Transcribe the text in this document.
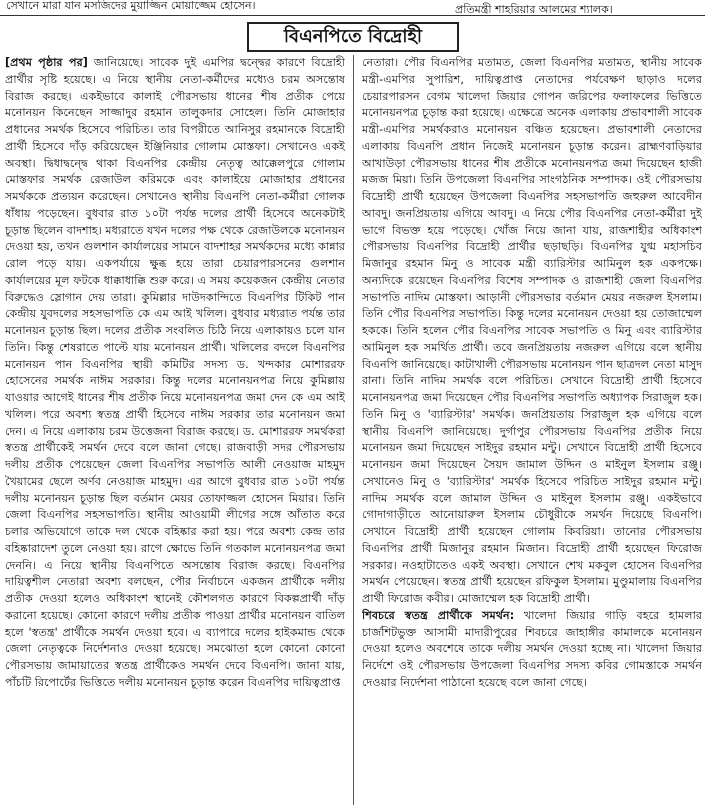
সেখানে মারা যান মসজিদের মুয়াজ্জিন মোয়াজ্জেম হোসেন।	প্রতিমন্ত্রী শাহরিয়ার আলমের শ্যালক।
বিএনপিতে বিদ্রোহী

[প্রথম পৃষ্ঠার পর] জানিয়েছে। সাবেক দুই এমপির দ্বন্দ্বের কারণে বিদ্রোহী প্রার্থীর সৃষ্টি হয়েছে। এ নিয়ে স্থানীয় নেতা-কর্মীদের মধ্যেও চরম অসন্তোষ বিরাজ করছে। একইভাবে কালাই পৌরসভায় ধানের শীষ প্রতীক পেয়ে মনোনয়ন কিনেছেন সাজ্জাদুর রহমান তালুকদার সোহেল। তিনি মোজাহার প্রধানের সমর্থক হিসেবে পরিচিত। তার বিপরীতে আনিসুর রহমানকে বিদ্রোহী প্রার্থী হিসেবে দাঁড় করিয়েছেন ইঞ্জিনিয়ার গোলাম মোস্তফা। সেখানেও একই অবস্থা। দ্বিধাদ্বন্দ্বে থাকা বিএনপির কেন্দ্রীয় নেতৃত্ব আক্কেলপুরে গোলাম মোস্তফার সমর্থক রেজাউল করিমকে এবং কালাইয়ে মোজাহার প্রধানের সমর্থককে প্রত্যয়ন করেছেন। সেখানেও স্থানীয় বিএনপি নেতা-কর্মীরা গোলক ধাঁধায় পড়েছেন। বুধবার রাত ১০টা পর্যন্ত দলের প্রার্থী হিসেবে অনেকটাই চূড়ান্ত ছিলেন বাদশাহ। মধ্যরাতে যখন দলের পক্ষ থেকে রেজাউলকে মনোনয়ন দেওয়া হয়, তখন গুলশান কার্যালয়ের সামনে বাদশাহর সমর্থকদের মধ্যে কান্নার রোল পড়ে যায়। একপর্যায়ে ক্ষুব্ধ হয়ে তারা চেয়ারপারসনের গুলশান কার্যালয়ের মূল ফটকে ধাক্কাধাক্কি শুরু করে। এ সময় কয়েকজন কেন্দ্রীয় নেতার বিরুদ্ধেও স্লোগান দেয় তারা। কুমিল্লার দাউদকান্দিতে বিএনপির টিকিট পান কেন্দ্রীয় যুবদলের সহসভাপতি কে এম আই খলিল। বুধবার মধ্যরাত পর্যন্ত তার মনোনয়ন চূড়ান্ত ছিল। দলের প্রতীক সংবলিত চিঠি নিয়ে এলাকায়ও চলে যান তিনি। কিন্তু শেষরাতে পাল্টে যায় মনোনয়ন প্রার্থী। খলিলের বদলে বিএনপির মনোনয়ন পান বিএনপির স্থায়ী কমিটির সদস্য ড. খন্দকার মোশাররফ হোসেনের সমর্থক নাঈম সরকার। কিন্তু দলের মনোনয়নপত্র নিয়ে কুমিল্লায় যাওয়ার আগেই ধানের শীষ প্রতীক নিয়ে মনোনয়নপত্র জমা দেন কে এম আই খলিল। পরে অবশ্য স্বতন্ত্র প্রার্থী হিসেবে নাঈম সরকার তার মনোনয়ন জমা দেন। এ নিয়ে এলাকায় চরম উত্তেজনা বিরাজ করছে। ড. মোশাররফ সমর্থকরা স্বতন্ত্র প্রার্থীকেই সমর্থন দেবে বলে জানা গেছে। রাজবাড়ী সদর পৌরসভায় দলীয় প্রতীক পেয়েছেন জেলা বিএনপির সভাপতি আলী নেওয়াজ মাহমুদ খৈয়ামের ছেলে অর্ণব নেওয়াজ মাহমুদ। এর আগে বুধবার রাত ১০টা পর্যন্ত দলীয় মনোনয়ন চূড়ান্ত ছিল বর্তমান মেয়র তোফাজ্জল হোসেন মিয়ার। তিনি জেলা বিএনপির সহসভাপতি। স্থানীয় আওয়ামী লীগের সঙ্গে আঁতাত করে চলার অভিযোগে তাকে দল থেকে বহিষ্কার করা হয়। পরে অবশ্য কেন্দ্র তার বহিষ্কারাদেশ তুলে নেওয়া হয়। রাগে ক্ষোভে তিনি গতকাল মনোনয়নপত্র জমা দেননি। এ নিয়ে স্থানীয় বিএনপিতে অসন্তোষ বিরাজ করছে। বিএনপির দায়িত্বশীল নেতারা অবশ্য বলছেন, পৌর নির্বাচনে একজন প্রার্থীকে দলীয় প্রতীক দেওয়া হলেও অধিকাংশ স্থানেই কৌশলগত কারণে বিকল্পপ্রার্থী দাঁড় করানো হয়েছে। কোনো কারণে দলীয় প্রতীক পাওয়া প্রার্থীর মনোনয়ন বাতিল হলে 'স্বতন্ত্র' প্রার্থীকে সমর্থন দেওয়া হবে। এ ব্যাপারে দলের হাইকমান্ড থেকে জেলা নেতৃত্বকে নির্দেশনাও দেওয়া হয়েছে। সমঝোতা হলে কোনো কোনো পৌরসভায় জামায়াতের স্বতন্ত্র প্রার্থীকেও সমর্থন দেবে বিএনপি। জানা যায়, পাঁচটি রিপোর্টের ভিত্তিতে দলীয় মনোনয়ন চূড়ান্ত করেন বিএনপির দায়িত্বপ্রাপ্ত

নেতারা। পৌর বিএনপির মতামত, জেলা বিএনপির মতামত, স্থানীয় সাবেক মন্ত্রী-এমপির সুপারিশ, দায়িত্বপ্রাপ্ত নেতাদের পর্যবেক্ষণ ছাড়াও দলের চেয়ারপারসন বেগম খালেদা জিয়ার গোপন জরিপের ফলাফলের ভিত্তিতে মনোনয়নপত্র চূড়ান্ত করা হয়েছে। এক্ষেত্রে অনেক এলাকায় প্রভাবশালী সাবেক মন্ত্রী-এমপির সমর্থকরাও মনোনয়ন বঞ্চিত হয়েছেন। প্রভাবশালী নেতাদের এলাকায় বিএনপি প্রধান নিজেই মনোনয়ন চূড়ান্ত করেন। ব্রাহ্মণবাড়িয়ার আখাউড়া পৌরসভায় ধানের শীষ প্রতীকে মনোনয়নপত্র জমা দিয়েছেন হাজী মজজ মিয়া। তিনি উপজেলা বিএনপির সাংগঠনিক সম্পাদক। ওই পৌরসভায় বিদ্রোহী প্রার্থী হয়েছেন উপজেলা বিএনপির সহসভাপতি জহুরুল আবেদীন আবদু। জনপ্রিয়তায় এগিয়ে আবদু। এ নিয়ে পৌর বিএনপির নেতা-কর্মীরা দুই ভাগে বিভক্ত হয়ে পড়েছে। খোঁজ নিয়ে জানা যায়, রাজশাহীর অধিকাংশ পৌরসভায় বিএনপির বিদ্রোহী প্রার্থীর ছড়াছড়ি। বিএনপির যুগ্ম মহাসচিব মিজানুর রহমান মিনু ও সাবেক মন্ত্রী ব্যারিস্টার আমিনুল হক একপক্ষে। অন্যদিকে রয়েছেন বিএনপির বিশেষ সম্পাদক ও রাজশাহী জেলা বিএনপির সভাপতি নাদিম মোস্তফা। আড়ানী পৌরসভার বর্তমান মেয়র নজরুল ইসলাম। তিনি পৌর বিএনপির সভাপতি। কিন্তু দলের মনোনয়ন দেওয়া হয় তোজাম্মেল হককে। তিনি হলেন পৌর বিএনপির সাবেক সভাপতি ও মিনু এবং ব্যারিস্টার আমিনুল হক সমর্থিত প্রার্থী। তবে জনপ্রিয়তায় নজরুল এগিয়ে বলে স্থানীয় বিএনপি জানিয়েছে। কাটাখালী পৌরসভায় মনোনয়ন পান ছাত্রদল নেতা মাসুদ রানা। তিনি নাদিম সমর্থক বলে পরিচিত। সেখানে বিদ্রোহী প্রার্থী হিসেবে মনোনয়নপত্র জমা দিয়েছেন পৌর বিএনপির সভাপতি অধ্যাপক সিরাজুল হক। তিনি মিনু ও 'ব্যারিস্টার' সমর্থক। জনপ্রিয়তায় সিরাজুল হক এগিয়ে বলে স্থানীয় বিএনপি জানিয়েছে। দুর্গাপুর পৌরসভায় বিএনপির প্রতীক নিয়ে মনোনয়ন জমা দিয়েছেন সাইদুর রহমান মন্টু। সেখানে বিদ্রোহী প্রার্থী হিসেবে মনোনয়ন জমা দিয়েছেন সৈয়দ জামাল উদ্দিন ও মাইনুল ইসলাম রঞ্জু। সেখানেও মিনু ও 'ব্যারিস্টার' সমর্থক হিসেবে পরিচিত সাইদুর রহমান মন্টু। নাদিম সমর্থক বলে জামাল উদ্দিন ও মাইনুল ইসলাম রঞ্জু। একইভাবে গোদাগাড়ীতে আনোয়ারুল ইসলাম চৌধুরীকে সমর্থন দিয়েছে বিএনপি। সেখানে বিদ্রোহী প্রার্থী হয়েছেন গোলাম কিবরিয়া। তানোর পৌরসভায় বিএনপির প্রার্থী মিজানুর রহমান মিজান। বিদ্রোহী প্রার্থী হয়েছেন ফিরোজ সরকার। নওহাটাতেও একই অবস্থা। সেখানে শেখ মকবুল হোসেন বিএনপির সমর্থন পেয়েছেন। স্বতন্ত্র প্রার্থী হয়েছেন রফিকুল ইসলাম। মুণ্ডুমালায় বিএনপির প্রার্থী ফিরোজ কবীর। মোজাম্মেল হক বিদ্রোহী প্রার্থী।

শিবচরে স্বতন্ত্র প্রার্থীকে সমর্থন: খালেদা জিয়ার গাড়ি বহরে হামলার চার্জশিটভুক্ত আসামী মাদারীপুরের শিবচরে জাহাঙ্গীর কামালকে মনোনয়ন দেওয়া হলেও অবশেষে তাকে দলীয় সমর্থন দেওয়া হচ্ছে না। খালেদা জিয়ার নির্দেশে ওই পৌরসভায় উপজেলা বিএনপির সদস্য কবির গোমস্তাকে সমর্থন দেওয়ার নির্দেশনা পাঠানো হয়েছে বলে জানা গেছে।
